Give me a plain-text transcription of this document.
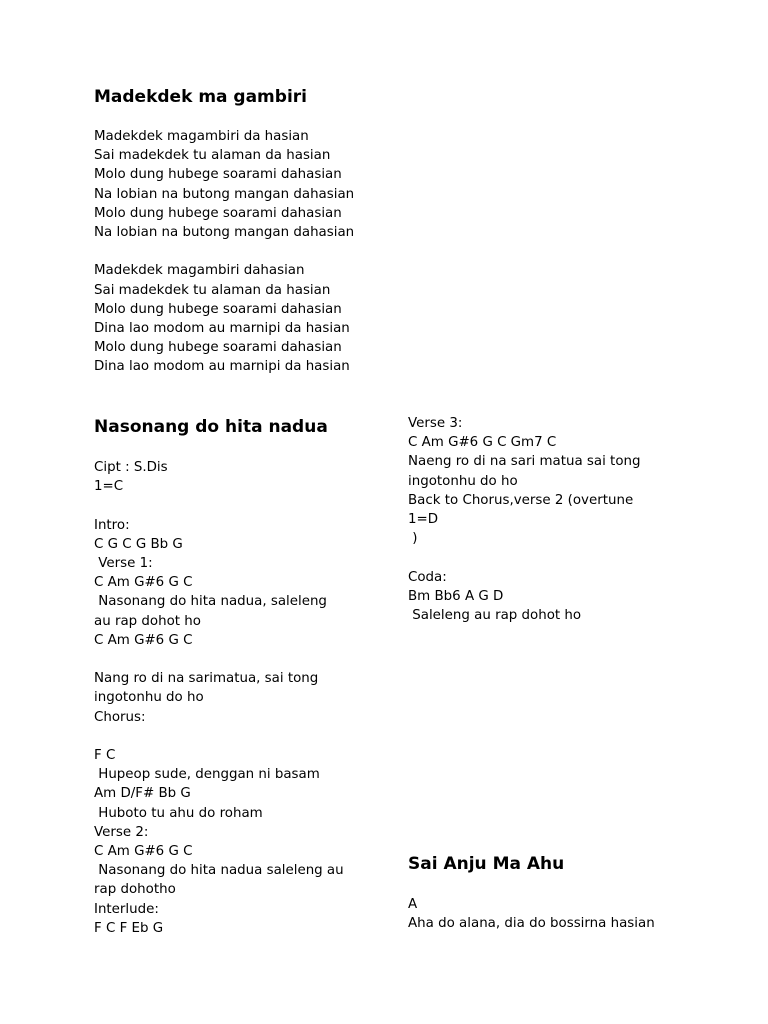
Madekdek ma gambiri
Madekdek magambiri da hasian
Sai madekdek tu alaman da hasian
Molo dung hubege soarami dahasian
Na lobian na butong mangan dahasian
Molo dung hubege soarami dahasian
Na lobian na butong mangan dahasian
Madekdek magambiri dahasian
Sai madekdek tu alaman da hasian
Molo dung hubege soarami dahasian
Dina lao modom au marnipi da hasian
Molo dung hubege soarami dahasian
Dina lao modom au marnipi da hasian
Nasonang do hita nadua
Cipt : S.Dis
1=C
Intro:
C G C G Bb G
Verse 1:
C Am G#6 G C
Nasonang do hita nadua, saleleng
au rap dohot ho
C Am G#6 G C
Nang ro di na sarimatua, sai tong
ingotonhu do ho
Chorus:
F C
Hupeop sude, denggan ni basam
Am D/F# Bb G
Huboto tu ahu do roham
Verse 2:
C Am G#6 G C
Nasonang do hita nadua saleleng au
rap dohotho
Interlude:
F C F Eb G
Verse 3:
C Am G#6 G C Gm7 C
Naeng ro di na sari matua sai tong
ingotonhu do ho
Back to Chorus,verse 2 (overtune
1=D
)
Coda:
Bm Bb6 A G D
Saleleng au rap dohot ho
Sai Anju Ma Ahu
A
Aha do alana, dia do bossirna hasian
